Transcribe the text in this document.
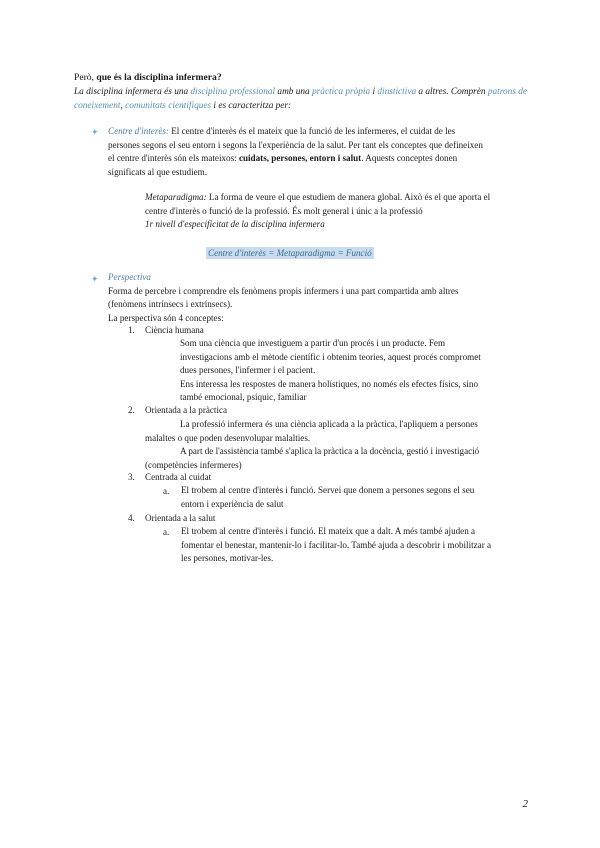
Però, que és la disciplina infermera?
La disciplina infermera és una disciplina professional amb una pràctica pròpia i dinstictiva a altres. Comprèn patrons de coneixement, comunitats científiques i es caracteritza per:
✦ Centre d'interès: El centre d'interès és el mateix que la funció de les infermeres, el cuidat de les
persones segons el seu entorn i segons la l'experiència de la salut. Per tant els conceptes que defineixen
el centre d'interès són els mateixos: cuidats, persones, entorn i salut. Aquests conceptes donen
significats al que estudiem.
Metaparadigma: La forma de veure el que estudiem de manera global. Això és el que aporta el
centre d'interès o funció de la professió. És molt general i únic a la professió
1r nivell d'especificitat de la disciplina infermera
Centre d'interès = Metaparadigma = Funció
✦ Perspectiva
Forma de percebre i comprendre els fenòmens propis infermers i una part compartida amb altres
(fenòmens intrínsecs i extrínsecs).
La perspectiva són 4 conceptes:
1. Ciència humana
Som una ciència que investiguem a partir d'un procés i un producte. Fem
investigacions amb el mètode científic i obtenim teories, aquest procés compromet
dues persones, l'infermer i el pacient.
Ens interessa les respostes de manera holístiques, no només els efectes físics, sino
també emocional, psíquic, familiar
2. Orientada a la pràctica
La professió infermera és una ciència aplicada a la pràctica, l'apliquem a persones
malaltes o que poden desenvolupar malalties.
A part de l'assistència també s'aplica la pràctica a la docència, gestió i investigació
(competències infermeres)
3. Centrada al cuidat
a. El trobem al centre d'interès i funció. Servei que donem a persones segons el seu
entorn i experiència de salut
4. Orientada a la salut
a. El trobem al centre d'interès i funció. El mateix que a dalt. A més també ajuden a
fomentar el benestar, mantenir-lo i facilitar-lo. També ajuda a descobrir i mobilitzar a
les persones, motivar-les.
2
